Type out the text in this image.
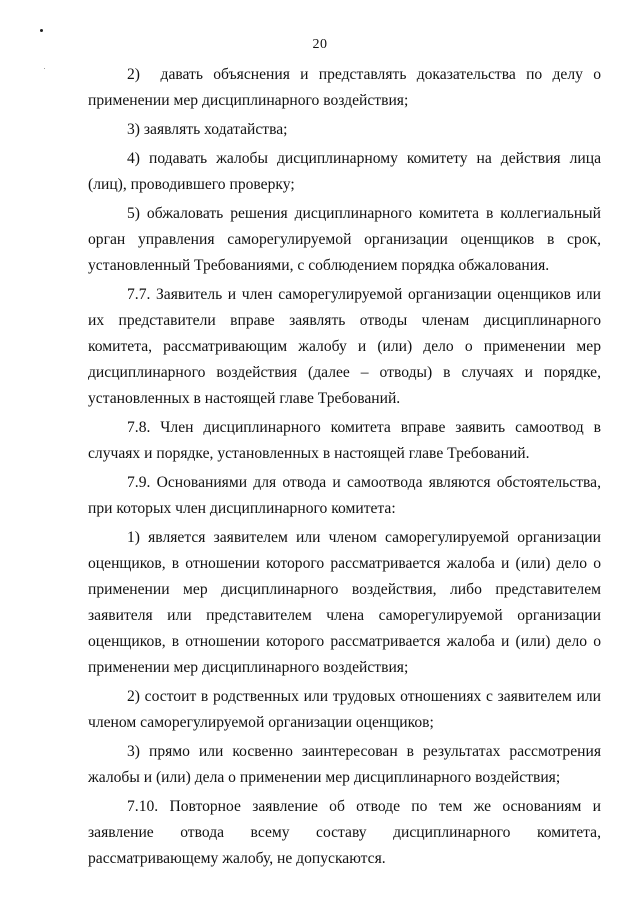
20

2)  давать объяснения и представлять доказательства по делу о применении мер дисциплинарного воздействия;

3) заявлять ходатайства;

4) подавать жалобы дисциплинарному комитету на действия лица (лиц), проводившего проверку;

5) обжаловать решения дисциплинарного комитета в коллегиальный орган управления саморегулируемой организации оценщиков в срок, установленный Требованиями, с соблюдением порядка обжалования.

7.7. Заявитель и член саморегулируемой организации оценщиков или их представители вправе заявлять отводы членам дисциплинарного комитета, рассматривающим жалобу и (или) дело о применении мер дисциплинарного воздействия (далее – отводы) в случаях и порядке, установленных в настоящей главе Требований.

7.8. Член дисциплинарного комитета вправе заявить самоотвод в случаях и порядке, установленных в настоящей главе Требований.

7.9. Основаниями для отвода и самоотвода являются обстоятельства, при которых член дисциплинарного комитета:

1) является заявителем или членом саморегулируемой организации оценщиков, в отношении которого рассматривается жалоба и (или) дело о применении мер дисциплинарного воздействия, либо представителем заявителя или представителем члена саморегулируемой организации оценщиков, в отношении которого рассматривается жалоба и (или) дело о применении мер дисциплинарного воздействия;

2) состоит в родственных или трудовых отношениях с заявителем или членом саморегулируемой организации оценщиков;

3) прямо или косвенно заинтересован в результатах рассмотрения жалобы и (или) дела о применении мер дисциплинарного воздействия;

7.10. Повторное заявление об отводе по тем же основаниям и заявление отвода всему составу дисциплинарного комитета, рассматривающему жалобу, не допускаются.
